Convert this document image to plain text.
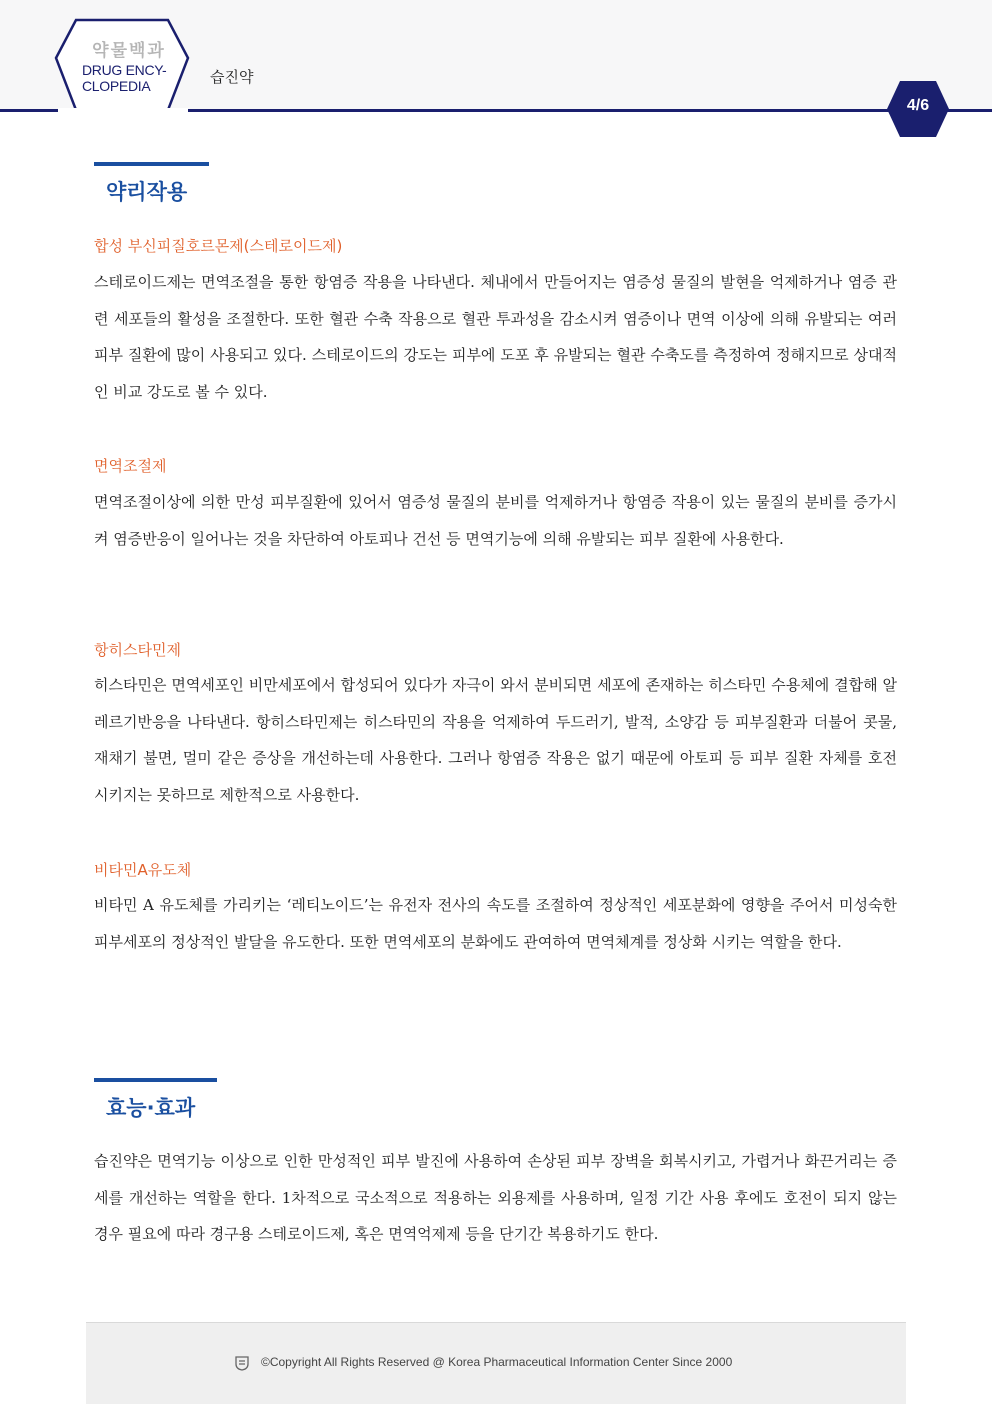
약물백과
DRUG ENCY-
CLOPEDIA	습진약
4/6
약리작용
합성 부신피질호르몬제(스테로이드제)

스테로이드제는 면역조절을 통한 항염증 작용을 나타낸다. 체내에서 만들어지는 염증성 물질의 발현을 억제하거나 염증 관련 세포들의 활성을 조절한다. 또한 혈관 수축 작용으로 혈관 투과성을 감소시켜 염증이나 면역 이상에 의해 유발되는 여러 피부 질환에 많이 사용되고 있다. 스테로이드의 강도는 피부에 도포 후 유발되는 혈관 수축도를 측정하여 정해지므로 상대적인 비교 강도로 볼 수 있다.

면역조절제

면역조절이상에 의한 만성 피부질환에 있어서 염증성 물질의 분비를 억제하거나 항염증 작용이 있는 물질의 분비를 증가시켜 염증반응이 일어나는 것을 차단하여 아토피나 건선 등 면역기능에 의해 유발되는 피부 질환에 사용한다.

항히스타민제

히스타민은 면역세포인 비만세포에서 합성되어 있다가 자극이 와서 분비되면 세포에 존재하는 히스타민 수용체에 결합해 알레르기반응을 나타낸다. 항히스타민제는 히스타민의 작용을 억제하여 두드러기, 발적, 소양감 등 피부질환과 더불어 콧물, 재채기 불면, 멀미 같은 증상을 개선하는데 사용한다. 그러나 항염증 작용은 없기 때문에 아토피 등 피부 질환 자체를 호전 시키지는 못하므로 제한적으로 사용한다.

비타민A유도체

비타민 A 유도체를 가리키는 ‘레티노이드’는 유전자 전사의 속도를 조절하여 정상적인 세포분화에 영향을 주어서 미성숙한 피부세포의 정상적인 발달을 유도한다. 또한 면역세포의 분화에도 관여하여 면역체계를 정상화 시키는 역할을 한다.

효능·효과

습진약은 면역기능 이상으로 인한 만성적인 피부 발진에 사용하여 손상된 피부 장벽을 회복시키고, 가렵거나 화끈거리는 증세를 개선하는 역할을 한다. 1차적으로 국소적으로 적용하는 외용제를 사용하며, 일정 기간 사용 후에도 호전이 되지 않는 경우 필요에 따라 경구용 스테로이드제, 혹은 면역억제제 등을 단기간 복용하기도 한다.

©Copyright All Rights Reserved @ Korea Pharmaceutical Information Center Since 2000
